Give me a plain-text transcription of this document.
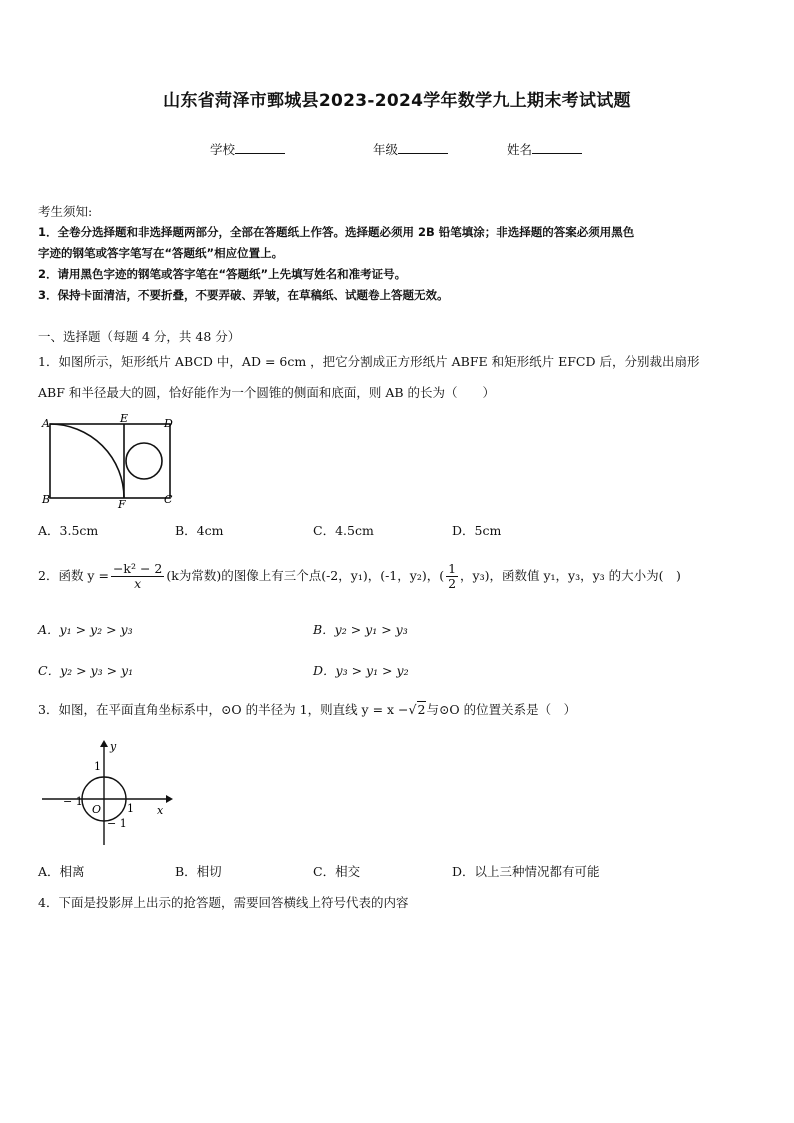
山东省菏泽市鄄城县2023-2024学年数学九上期末考试试题
学校	年级	姓名
考生须知:
1．全卷分选择题和非选择题两部分，全部在答题纸上作答。选择题必须用 2B 铅笔填涂；非选择题的答案必须用黑色
字迹的钢笔或答字笔写在“答题纸”相应位置上。
2．请用黑色字迹的钢笔或答字笔在“答题纸”上先填写姓名和准考证号。
3．保持卡面清洁，不要折叠，不要弄破、弄皱，在草稿纸、试题卷上答题无效。
一、选择题（每题 4 分，共 48 分）
1．如图所示，矩形纸片 ABCD 中，AD = 6cm ，把它分割成正方形纸片 ABFE 和矩形纸片 EFCD 后，分别裁出扇形
ABF 和半径最大的圆，恰好能作为一个圆锥的侧面和底面，则 AB 的长为（　　）
A	E	D
B	F	C
A．3.5cm	B．4cm	C．4.5cm	D．5cm
2．函数 $y = \frac{\text{−k² − 2}}{x} (k$为常数)的图像上有三个点(-2，y₁)，(-1，y₂)，( $\frac{1}{2}$ ，y₃)，函数值 y₁，y₃，y₃ 的大小为(　)
A．y₁ > y₂ > y₃	B．y₂ > y₁ > y₃
C．y₂ > y₃ > y₁	D．y₃ > y₁ > y₂
3．如图，在平面直角坐标系中，⊙O 的半径为 1，则直线 y = x −√2与⊙O 的位置关系是（　）
y
x
1
1
− 1
− 1
O
A．相离	B．相切	C．相交	D．以上三种情况都有可能
4．下面是投影屏上出示的抢答题，需要回答横线上符号代表的内容
